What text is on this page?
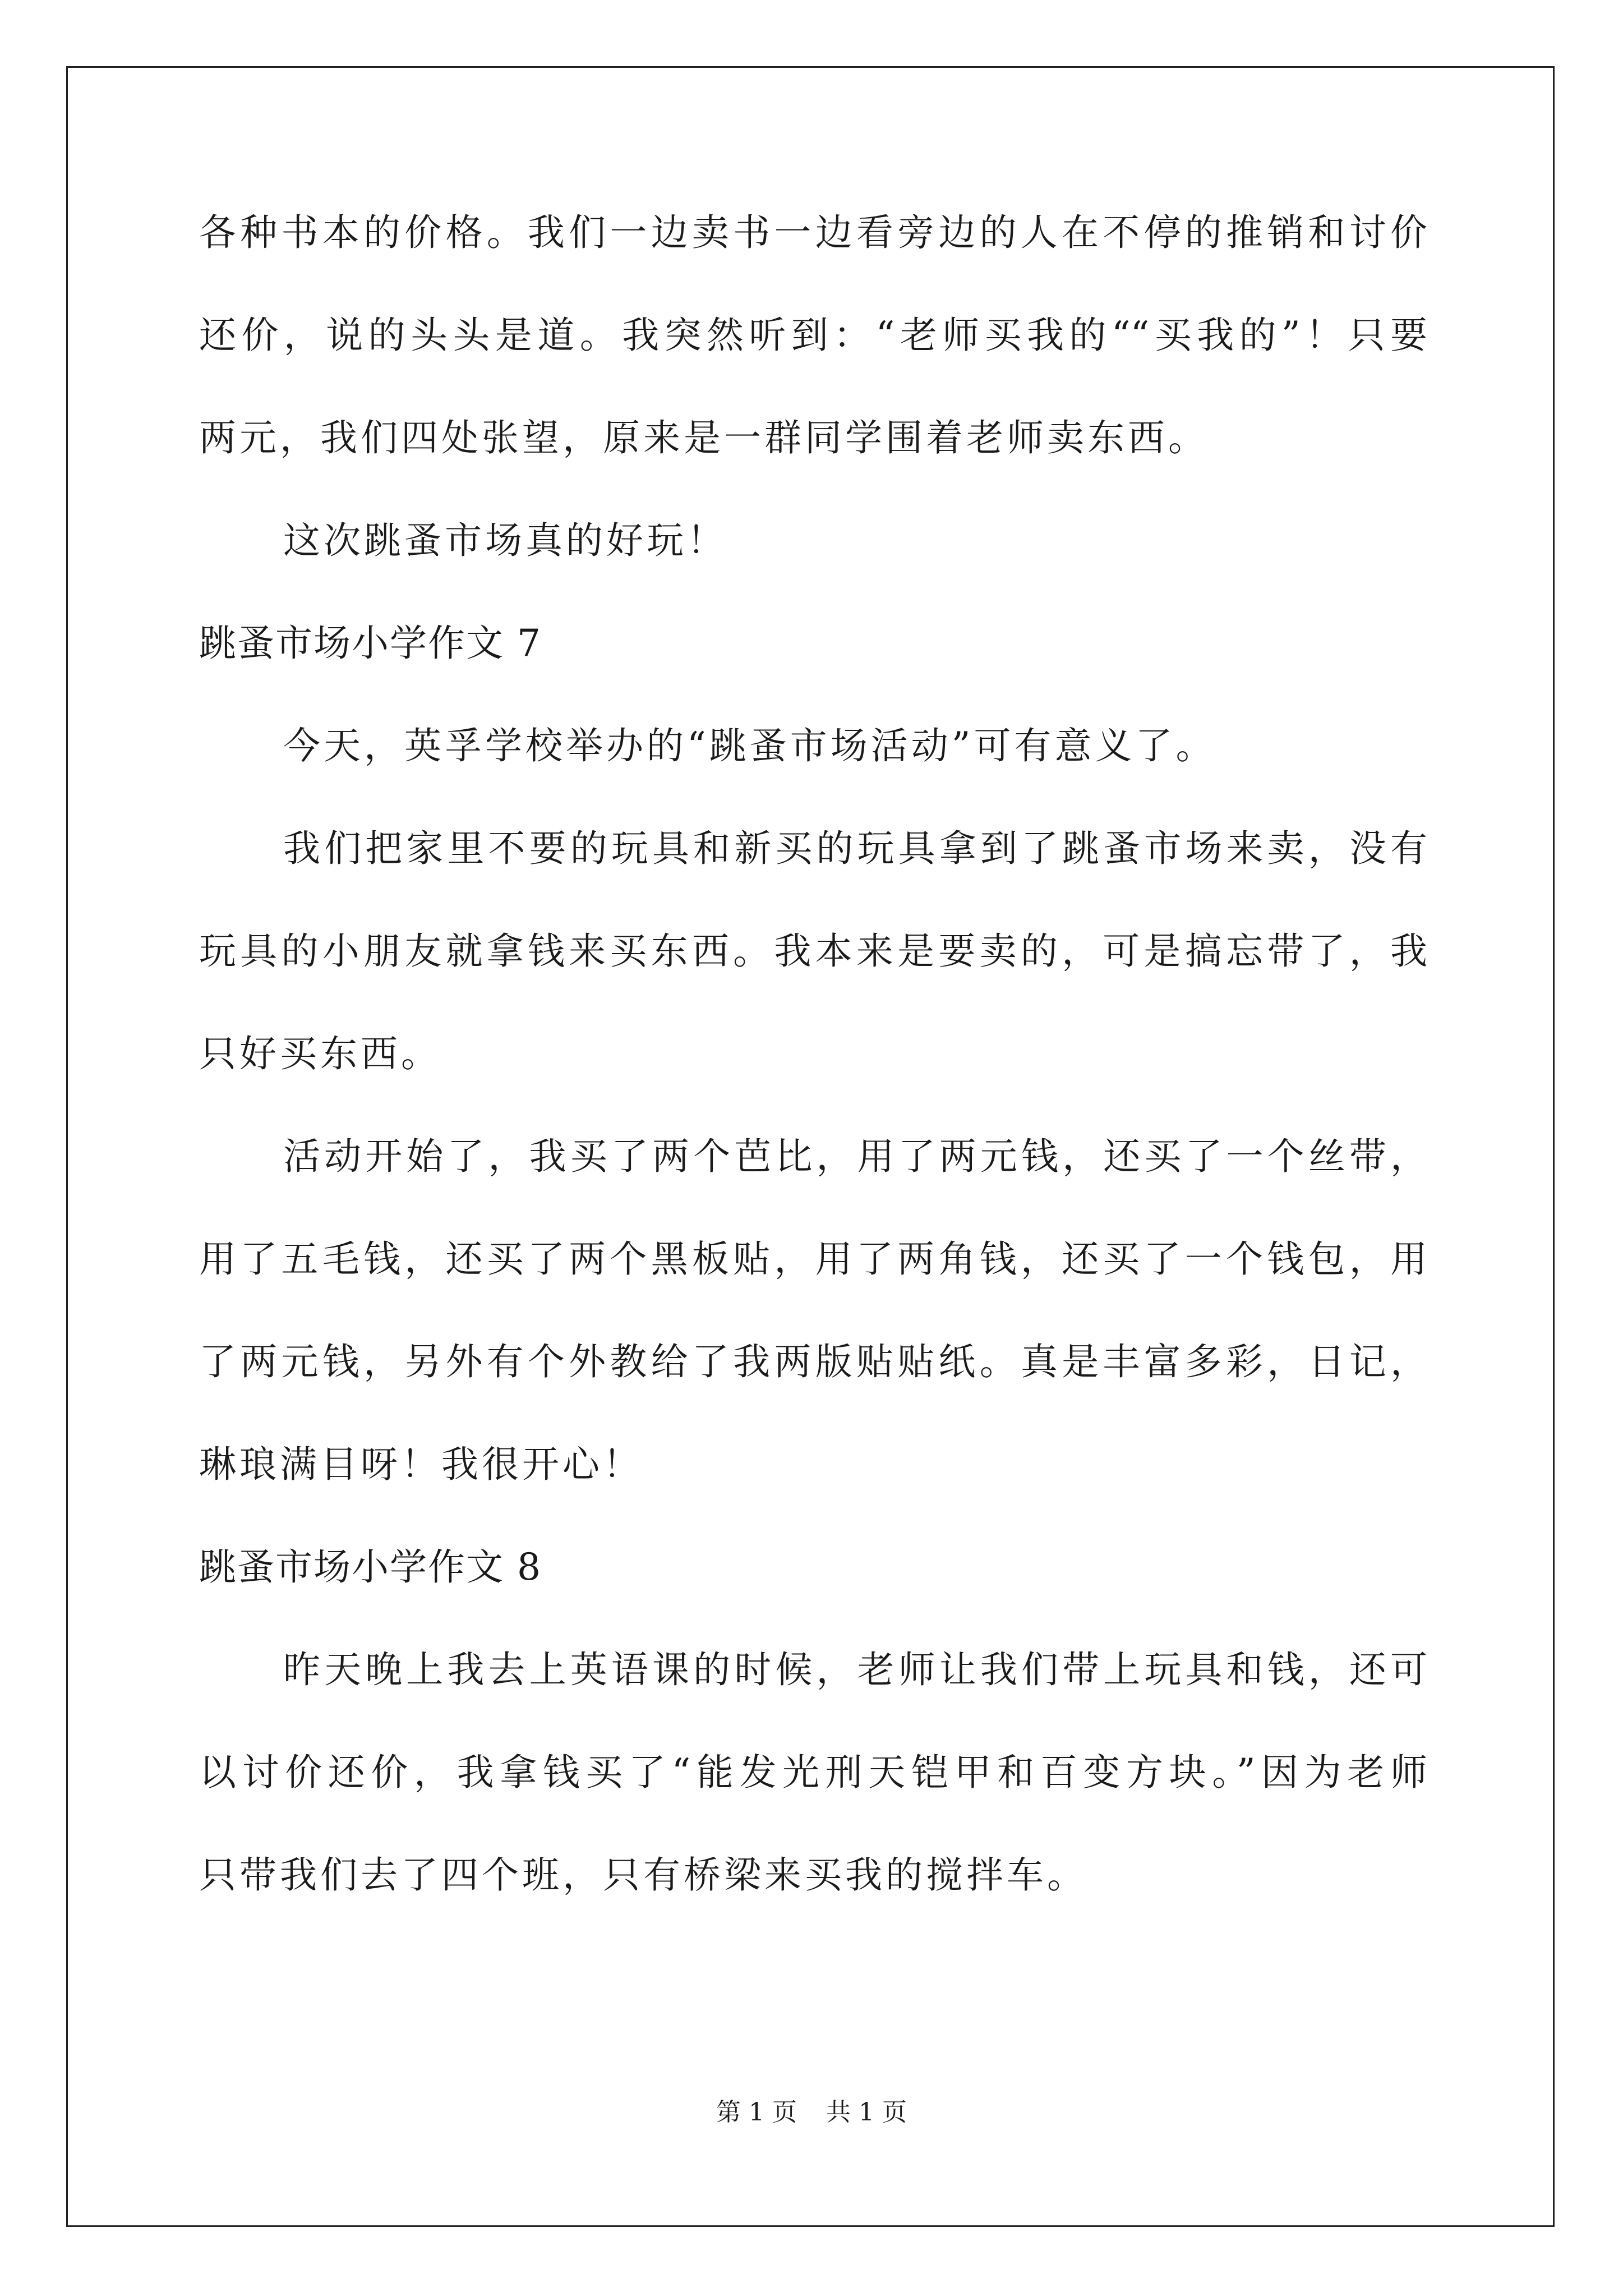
各种书本的价格。我们一边卖书一边看旁边的人在不停的推销和讨价
还价，说的头头是道。我突然听到：“老师买我的““买我的”！只要
两元，我们四处张望，原来是一群同学围着老师卖东西。
这次跳蚤市场真的好玩！
跳蚤市场小学作文 7
今天，英孚学校举办的“跳蚤市场活动”可有意义了。
我们把家里不要的玩具和新买的玩具拿到了跳蚤市场来卖，没有
玩具的小朋友就拿钱来买东西。我本来是要卖的，可是搞忘带了，我
只好买东西。
活动开始了，我买了两个芭比，用了两元钱，还买了一个丝带，
用了五毛钱，还买了两个黑板贴，用了两角钱，还买了一个钱包，用
了两元钱，另外有个外教给了我两版贴贴纸。真是丰富多彩，日记，
琳琅满目呀！我很开心！
跳蚤市场小学作文 8
昨天晚上我去上英语课的时候，老师让我们带上玩具和钱，还可
以讨价还价，我拿钱买了“能发光刑天铠甲和百变方块。”因为老师
只带我们去了四个班，只有桥梁来买我的搅拌车。
第 1 页 共 1 页
